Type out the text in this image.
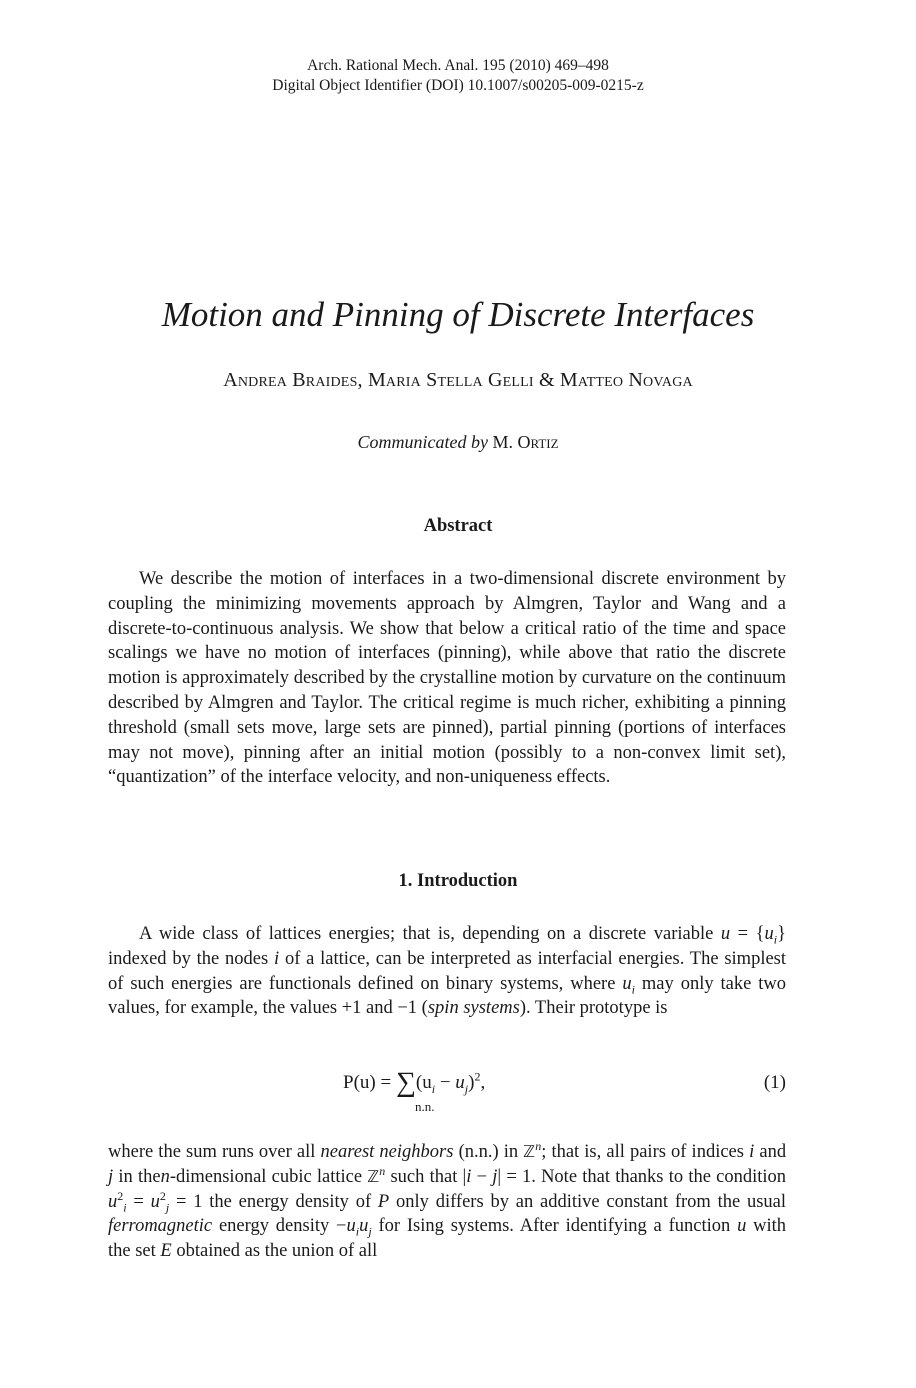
Arch. Rational Mech. Anal. 195 (2010) 469–498
Digital Object Identifier (DOI) 10.1007/s00205-009-0215-z
Motion and Pinning of Discrete Interfaces
Andrea Braides, Maria Stella Gelli & Matteo Novaga
Communicated by M. Ortiz
Abstract
We describe the motion of interfaces in a two-dimensional discrete environment by coupling the minimizing movements approach by Almgren, Taylor and Wang and a discrete-to-continuous analysis. We show that below a critical ratio of the time and space scalings we have no motion of interfaces (pinning), while above that ratio the discrete motion is approximately described by the crystalline motion by curvature on the continuum described by Almgren and Taylor. The critical regime is much richer, exhibiting a pinning threshold (small sets move, large sets are pinned), partial pinning (portions of interfaces may not move), pinning after an initial motion (possibly to a non-convex limit set), “quantization” of the interface velocity, and non-uniqueness effects.
1. Introduction
A wide class of lattices energies; that is, depending on a discrete variable $u = \{u_i\}$ indexed by the nodes i of a lattice, can be interpreted as interfacial energies. The simplest of such energies are functionals defined on binary systems, where $u_i$ may only take two values, for example, the values +1 and −1 (spin systems). Their prototype is
$P(u) = \sum(u_i - u_j)^2$,
n.n.
(1)
where the sum runs over all nearest neighbors (n.n.) in ℤ$^n$; that is, all pairs of indices i and j in then-dimensional cubic lattice ℤ$^n$ such that |i − j| = 1. Note that thanks to the condition $u^2_i = u^2_j = 1$ the energy density of P only differs by an additive constant from the usual ferromagnetic energy density $-u_iu_j$ for Ising systems. After identifying a function u with the set E obtained as the union of all
